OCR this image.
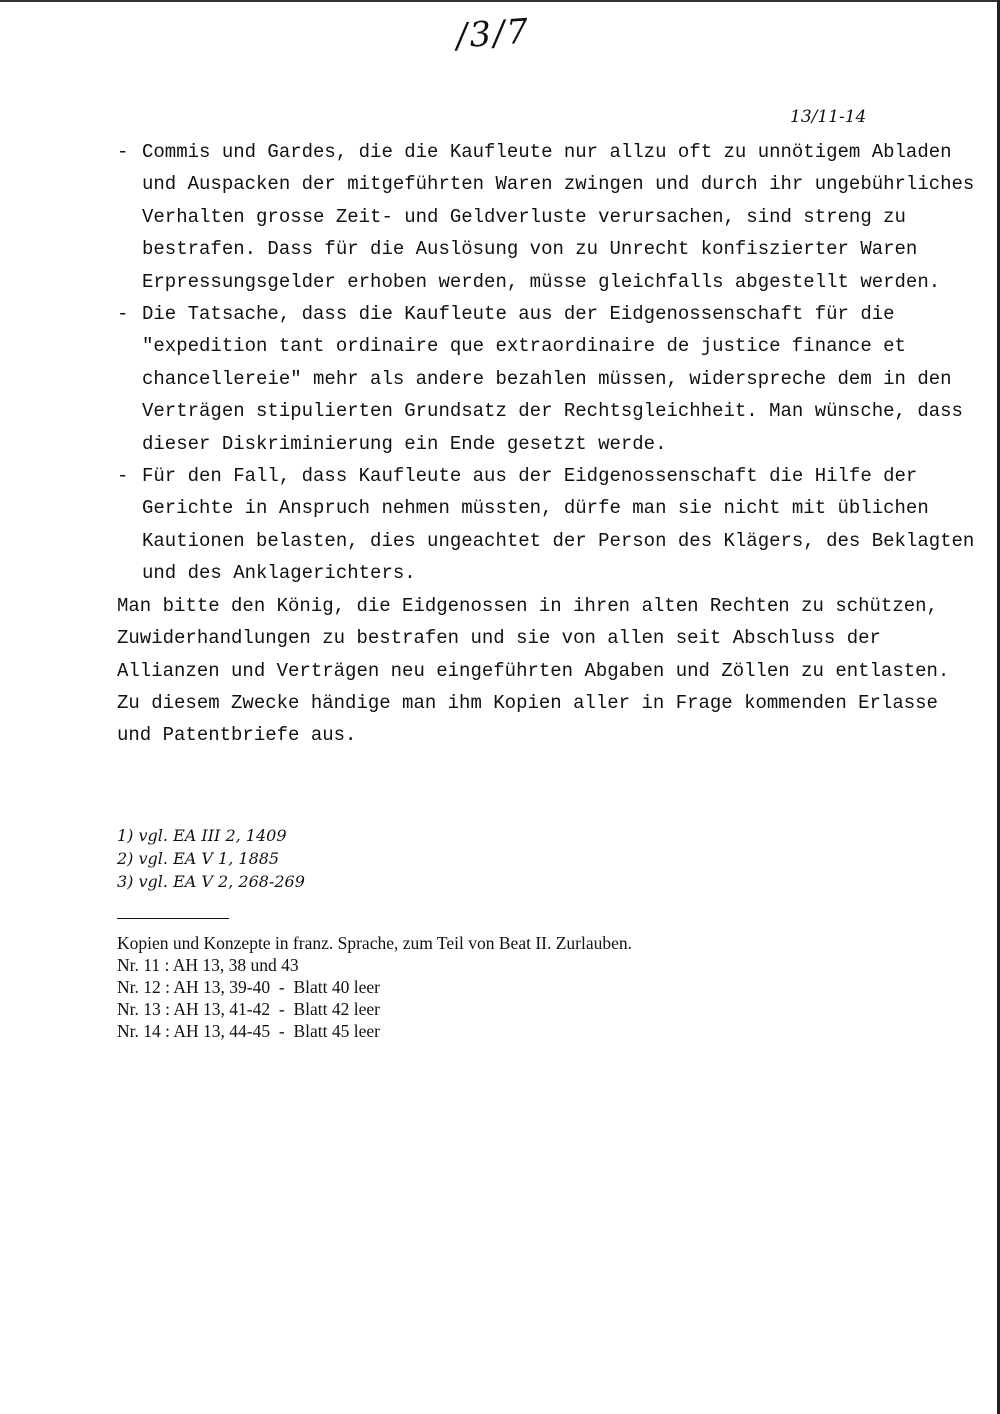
/3/7
13/11-14
- Commis und Gardes, die die Kaufleute nur allzu oft zu unnötigem Abladen und Auspacken der mitgeführten Waren zwingen und durch ihr ungebührliches Verhalten grosse Zeit- und Geldverluste verursachen, sind streng zu bestrafen. Dass für die Auslösung von zu Unrecht konfiszierter Waren Erpressungsgelder erhoben werden, müsse gleichfalls abgestellt werden.

- Die Tatsache, dass die Kaufleute aus der Eidgenossenschaft für die "expedition tant ordinaire que extraordinaire de justice finance et chancellereie" mehr als andere bezahlen müssen, widerspreche dem in den Verträgen stipulierten Grundsatz der Rechtsgleichheit. Man wünsche, dass dieser Diskriminierung ein Ende gesetzt werde.

- Für den Fall, dass Kaufleute aus der Eidgenossenschaft die Hilfe der Gerichte in Anspruch nehmen müssten, dürfe man sie nicht mit üblichen Kautionen belasten, dies ungeachtet der Person des Klägers, des Beklagten und des Anklagerichters.

Man bitte den König, die Eidgenossen in ihren alten Rechten zu schützen, Zuwiderhandlungen zu bestrafen und sie von allen seit Abschluss der Allianzen und Verträgen neu eingeführten Abgaben und Zöllen zu entlasten. Zu diesem Zwecke händige man ihm Kopien aller in Frage kommenden Erlasse und Patentbriefe aus.

1) vgl. EA III 2, 1409
2) vgl. EA V 1, 1885
3) vgl. EA V 2, 268-269
Kopien und Konzepte in franz. Sprache, zum Teil von Beat II. Zurlauben.
Nr. 11 : AH 13, 38 und 43
Nr. 12 : AH 13, 39-40  -  Blatt 40 leer
Nr. 13 : AH 13, 41-42  -  Blatt 42 leer
Nr. 14 : AH 13, 44-45  -  Blatt 45 leer
